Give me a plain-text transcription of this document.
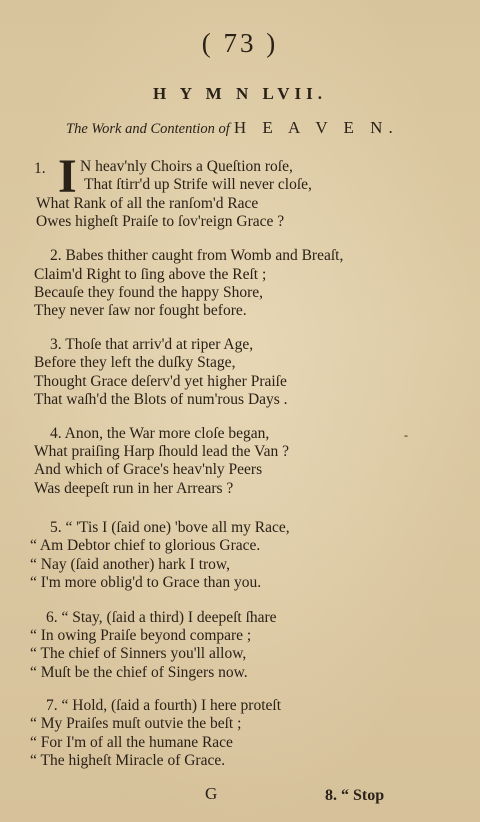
( 73 )
H Y M N LVII.
The Work and Contention of H E A V E N.
1. I N heav'nly Choirs a Queſtion roſe,
That ſtirr'd up Strife will never cloſe,
What Rank of all the ranſom'd Race
Owes higheſt Praiſe to ſov'reign Grace ?
2. Babes thither caught from Womb and Breaſt,
Claim'd Right to ſing above the Reſt ;
Becauſe they found the happy Shore,
They never ſaw nor fought before.
3. Thoſe that arriv'd at riper Age,
Before they left the duſky Stage,
Thought Grace deſerv'd yet higher Praiſe
That waſh'd the Blots of num'rous Days .
4. Anon, the War more cloſe began,	-
What praiſing Harp ſhould lead the Van ?
And which of Grace's heav'nly Peers
Was deepeſt run in her Arrears ?
5. “ 'Tis I (ſaid one) 'bove all my Race,
“ Am Debtor chief to glorious Grace.
“ Nay (ſaid another) hark I trow,
“ I'm more oblig'd to Grace than you.
6. “ Stay, (ſaid a third) I deepeſt ſhare
“ In owing Praiſe beyond compare ;
“ The chief of Sinners you'll allow,
“ Muſt be the chief of Singers now.
7. “ Hold, (ſaid a fourth) I here proteſt
“ My Praiſes muſt outvie the beſt ;
“ For I'm of all the humane Race
“ The higheſt Miracle of Grace.
G	8. “ Stop
